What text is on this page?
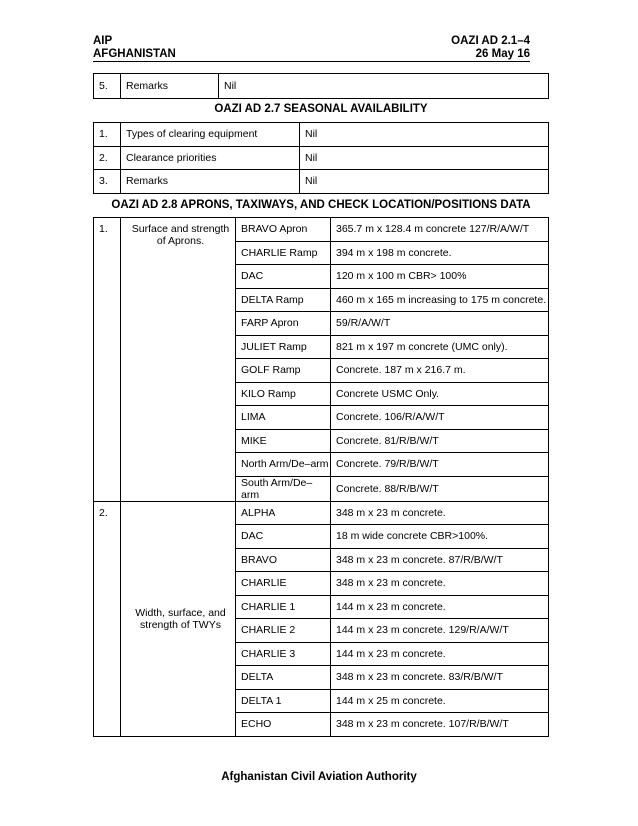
AIP
AFGHANISTAN
OAZI AD 2.1–4
26 May 16
5.	Remarks	Nil
OAZI AD 2.7 SEASONAL AVAILABILITY
1.	Types of clearing equipment	Nil
2.	Clearance priorities	Nil
3.	Remarks	Nil
OAZI AD 2.8 APRONS, TAXIWAYS, AND CHECK LOCATION/POSITIONS DATA
1.	Surface and strength of Aprons.	BRAVO Apron	365.7 m x 128.4 m concrete 127/R/A/W/T
		CHARLIE Ramp	394 m x 198 m concrete.
		DAC	120 m x 100 m CBR> 100%
		DELTA Ramp	460 m x 165 m increasing to 175 m concrete.
		FARP Apron	59/R/A/W/T
		JULIET Ramp	821 m x 197 m concrete (UMC only).
		GOLF Ramp	Concrete. 187 m x 216.7 m.
		KILO Ramp	Concrete USMC Only.
		LIMA	Concrete. 106/R/A/W/T
		MIKE	Concrete. 81/R/B/W/T
		North Arm/De–arm	Concrete. 79/R/B/W/T
		South Arm/De–arm	Concrete. 88/R/B/W/T
2.	Width, surface, and strength of TWYs	ALPHA	348 m x 23 m concrete.
		DAC	18 m wide concrete CBR>100%.
		BRAVO	348 m x 23 m concrete. 87/R/B/W/T
		CHARLIE	348 m x 23 m concrete.
		CHARLIE 1	144 m x 23 m concrete.
		CHARLIE 2	144 m x 23 m concrete. 129/R/A/W/T
		CHARLIE 3	144 m x 23 m concrete.
		DELTA	348 m x 23 m concrete. 83/R/B/W/T
		DELTA 1	144 m x 25 m concrete.
		ECHO	348 m x 23 m concrete. 107/R/B/W/T
Afghanistan Civil Aviation Authority
